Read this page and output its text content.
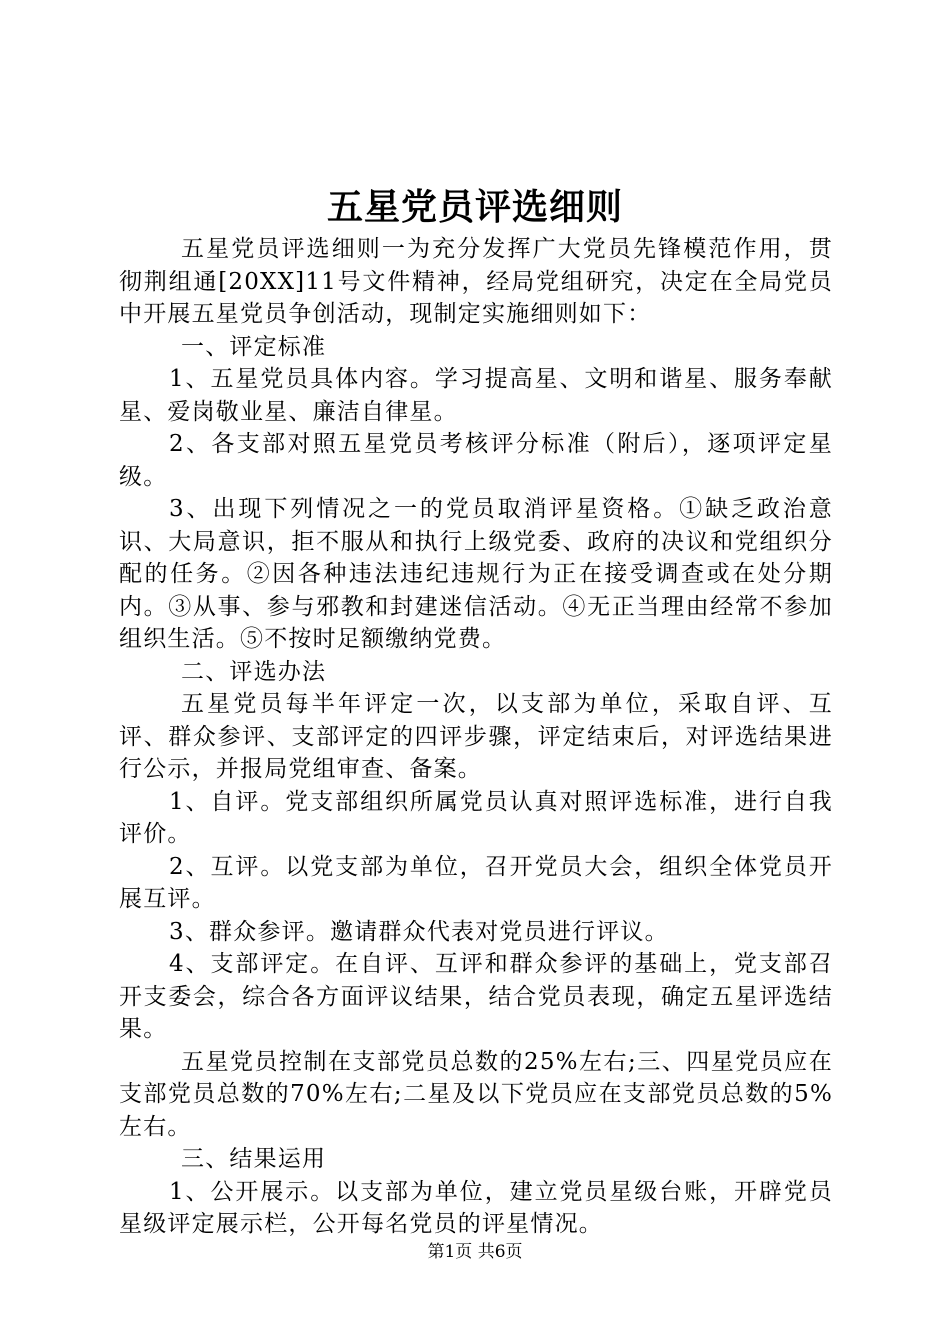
五星党员评选细则

五星党员评选细则一为充分发挥广大党员先锋模范作用，贯彻荆组通[20XX]11号文件精神，经局党组研究，决定在全局党员中开展五星党员争创活动，现制定实施细则如下：

一、评定标准

1、五星党员具体内容。学习提高星、文明和谐星、服务奉献星、爱岗敬业星、廉洁自律星。

2、各支部对照五星党员考核评分标准（附后），逐项评定星级。

3、出现下列情况之一的党员取消评星资格。①缺乏政治意识、大局意识，拒不服从和执行上级党委、政府的决议和党组织分配的任务。②因各种违法违纪违规行为正在接受调查或在处分期内。③从事、参与邪教和封建迷信活动。④无正当理由经常不参加组织生活。⑤不按时足额缴纳党费。

二、评选办法

五星党员每半年评定一次，以支部为单位，采取自评、互评、群众参评、支部评定的四评步骤，评定结束后，对评选结果进行公示，并报局党组审查、备案。

1、自评。党支部组织所属党员认真对照评选标准，进行自我评价。

2、互评。以党支部为单位，召开党员大会，组织全体党员开展互评。

3、群众参评。邀请群众代表对党员进行评议。

4、支部评定。在自评、互评和群众参评的基础上，党支部召开支委会，综合各方面评议结果，结合党员表现，确定五星评选结果。

五星党员控制在支部党员总数的25%左右;三、四星党员应在支部党员总数的70%左右;二星及以下党员应在支部党员总数的5%左右。

三、结果运用

1、公开展示。以支部为单位，建立党员星级台账，开辟党员星级评定展示栏，公开每名党员的评星情况。

第1页 共6页
